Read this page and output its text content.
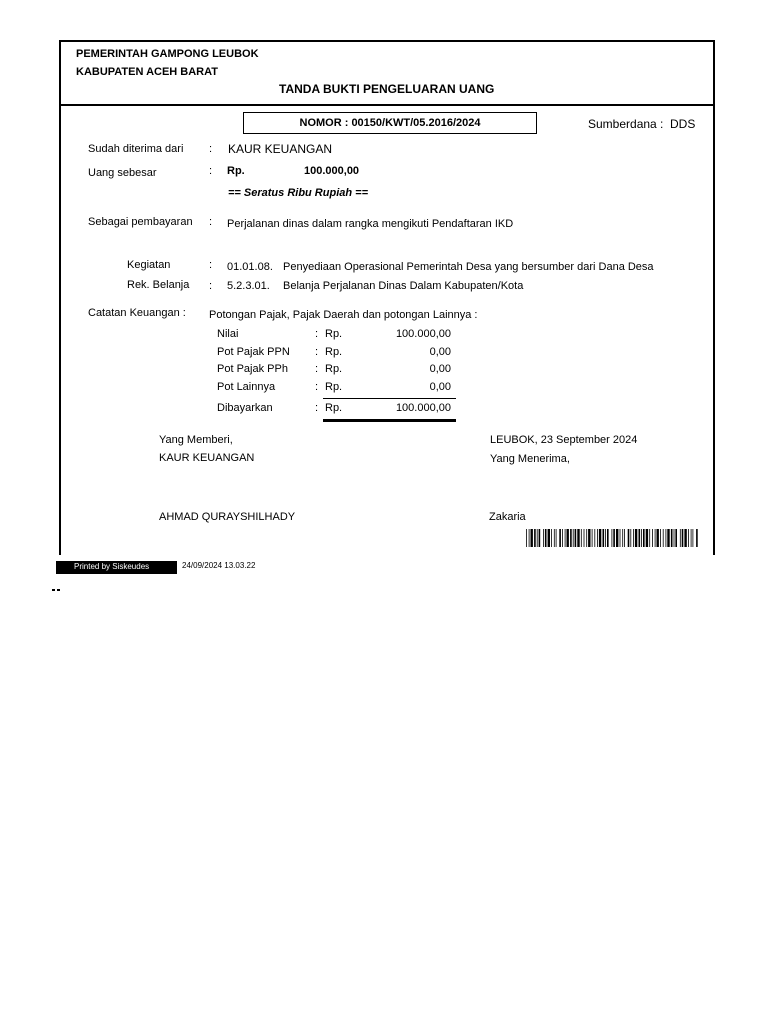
PEMERINTAH GAMPONG LEUBOK
KABUPATEN ACEH BARAT
TANDA BUKTI PENGELUARAN UANG
NOMOR : 00150/KWT/05.2016/2024	Sumberdana : DDS
Sudah diterima dari : KAUR KEUANGAN
Uang sebesar	: Rp.	100.000,00
== Seratus Ribu Rupiah ==
Sebagai pembayaran : Perjalanan dinas dalam rangka mengikuti Pendaftaran IKD
Kegiatan	: 01.01.08. Penyediaan Operasional Pemerintah Desa yang bersumber dari Dana Desa
Rek. Belanja : 5.2.3.01. Belanja Perjalanan Dinas Dalam Kabupaten/Kota
Catatan Keuangan : Potongan Pajak, Pajak Daerah dan potongan Lainnya :
Nilai	: Rp.	100.000,00
Pot Pajak PPN : Rp.	0,00
Pot Pajak PPh : Rp.	0,00
Pot Lainnya	: Rp.	0,00
Dibayarkan	: Rp.	100.000,00
Yang Memberi,
KAUR KEUANGAN
AHMAD QURAYSHILHADY
LEUBOK, 23 September 2024
Yang Menerima,
Zakaria
Printed by Siskeudes	24/09/2024 13.03.22
